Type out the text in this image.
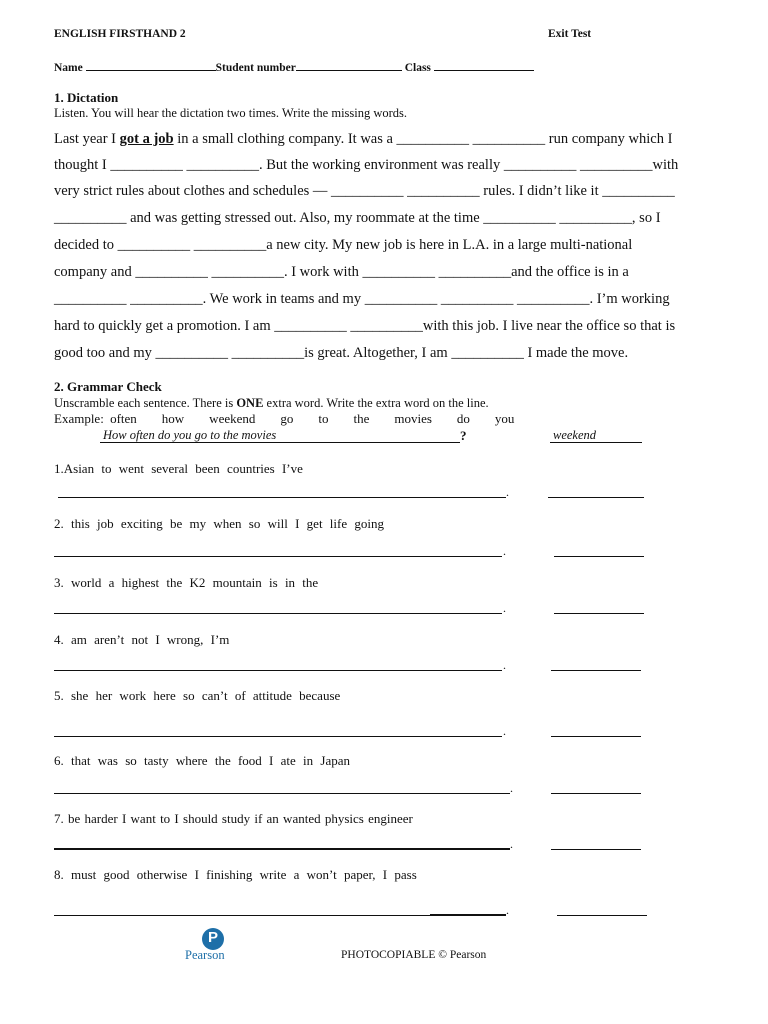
ENGLISH FIRSTHAND 2	Exit Test
Name	Student number	Class
1. Dictation
Listen. You will hear the dictation two times. Write the missing words.
Last year I got a job in a small clothing company. It was a __________ __________ run company which I
thought I __________ __________. But the working environment was really __________ __________with
very strict rules about clothes and schedules — __________ __________ rules. I didn’t like it __________
__________ and was getting stressed out. Also, my roommate at the time __________ __________, so I
decided to __________ __________a new city. My new job is here in L.A. in a large multi-national
company and __________ __________. I work with __________ __________and the office is in a
__________ __________. We work in teams and my __________ __________ __________. I’m working
hard to quickly get a promotion. I am __________ __________with this job. I live near the office so that is
good too and my __________ __________is great. Altogether, I am __________ I made the move.
2. Grammar Check
Unscramble each sentence. There is ONE extra word. Write the extra word on the line.
Example: often    how    weekend    go    to    the    movies    do    you
How often do you go to the movies	?	weekend
1.Asian to went several been countries I’ve
.
2. this job exciting be my when so will I get life going
.
3. world a highest the K2 mountain is in the
.
4. am aren’t not I wrong, I’m
.
5. she her work here so can’t of attitude because
.
6. that was so tasty where the food I ate in Japan
.
7. be harder I want to I should study if an wanted physics engineer
.
8. must good otherwise I finishing write a won’t paper, I pass
.
P
Pearson	PHOTOCOPIABLE © Pearson
